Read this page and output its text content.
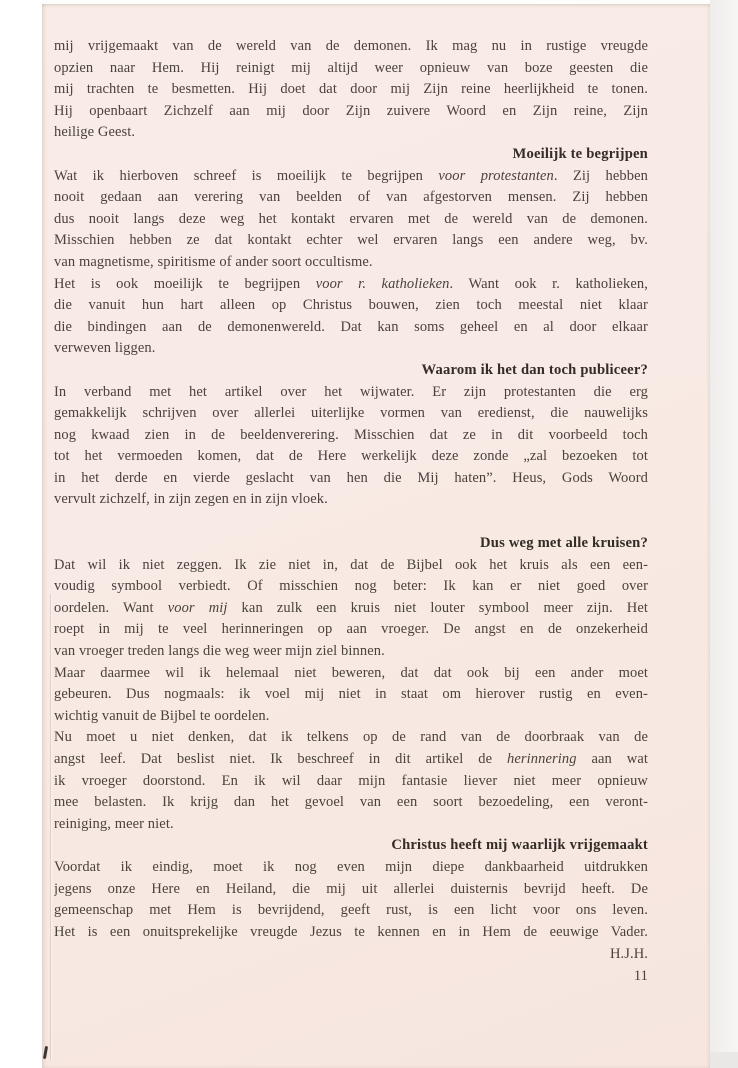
mij vrijgemaakt van de wereld van de demonen. Ik mag nu in rustige vreugde
opzien naar Hem. Hij reinigt mij altijd weer opnieuw van boze geesten die
mij trachten te besmetten. Hij doet dat door mij Zijn reine heerlijkheid te tonen.
Hij openbaart Zichzelf aan mij door Zijn zuivere Woord en Zijn reine, Zijn
heilige Geest.
Moeilijk te begrijpen
Wat ik hierboven schreef is moeilijk te begrijpen voor protestanten. Zij hebben
nooit gedaan aan verering van beelden of van afgestorven mensen. Zij hebben
dus nooit langs deze weg het kontakt ervaren met de wereld van de demonen.
Misschien hebben ze dat kontakt echter wel ervaren langs een andere weg, bv.
van magnetisme, spiritisme of ander soort occultisme.
Het is ook moeilijk te begrijpen voor r. katholieken. Want ook r. katholieken,
die vanuit hun hart alleen op Christus bouwen, zien toch meestal niet klaar
die bindingen aan de demonenwereld. Dat kan soms geheel en al door elkaar
verweven liggen.
Waarom ik het dan toch publiceer?
In verband met het artikel over het wijwater. Er zijn protestanten die erg
gemakkelijk schrijven over allerlei uiterlijke vormen van eredienst, die nauwelijks
nog kwaad zien in de beeldenverering. Misschien dat ze in dit voorbeeld toch
tot het vermoeden komen, dat de Here werkelijk deze zonde „zal bezoeken tot
in het derde en vierde geslacht van hen die Mij haten”. Heus, Gods Woord
vervult zichzelf, in zijn zegen en in zijn vloek.
Dus weg met alle kruisen?
Dat wil ik niet zeggen. Ik zie niet in, dat de Bijbel ook het kruis als een een-
voudig symbool verbiedt. Of misschien nog beter: Ik kan er niet goed over
oordelen. Want voor mij kan zulk een kruis niet louter symbool meer zijn. Het
roept in mij te veel herinneringen op aan vroeger. De angst en de onzekerheid
van vroeger treden langs die weg weer mijn ziel binnen.
Maar daarmee wil ik helemaal niet beweren, dat dat ook bij een ander moet
gebeuren. Dus nogmaals: ik voel mij niet in staat om hierover rustig en even-
wichtig vanuit de Bijbel te oordelen.
Nu moet u niet denken, dat ik telkens op de rand van de doorbraak van de
angst leef. Dat beslist niet. Ik beschreef in dit artikel de herinnering aan wat
ik vroeger doorstond. En ik wil daar mijn fantasie liever niet meer opnieuw
mee belasten. Ik krijg dan het gevoel van een soort bezoedeling, een veront-
reiniging, meer niet.
Christus heeft mij waarlijk vrijgemaakt
Voordat ik eindig, moet ik nog even mijn diepe dankbaarheid uitdrukken
jegens onze Here en Heiland, die mij uit allerlei duisternis bevrijd heeft. De
gemeenschap met Hem is bevrijdend, geeft rust, is een licht voor ons leven.
Het is een onuitsprekelijke vreugde Jezus te kennen en in Hem de eeuwige Vader.
H.J.H.
11
